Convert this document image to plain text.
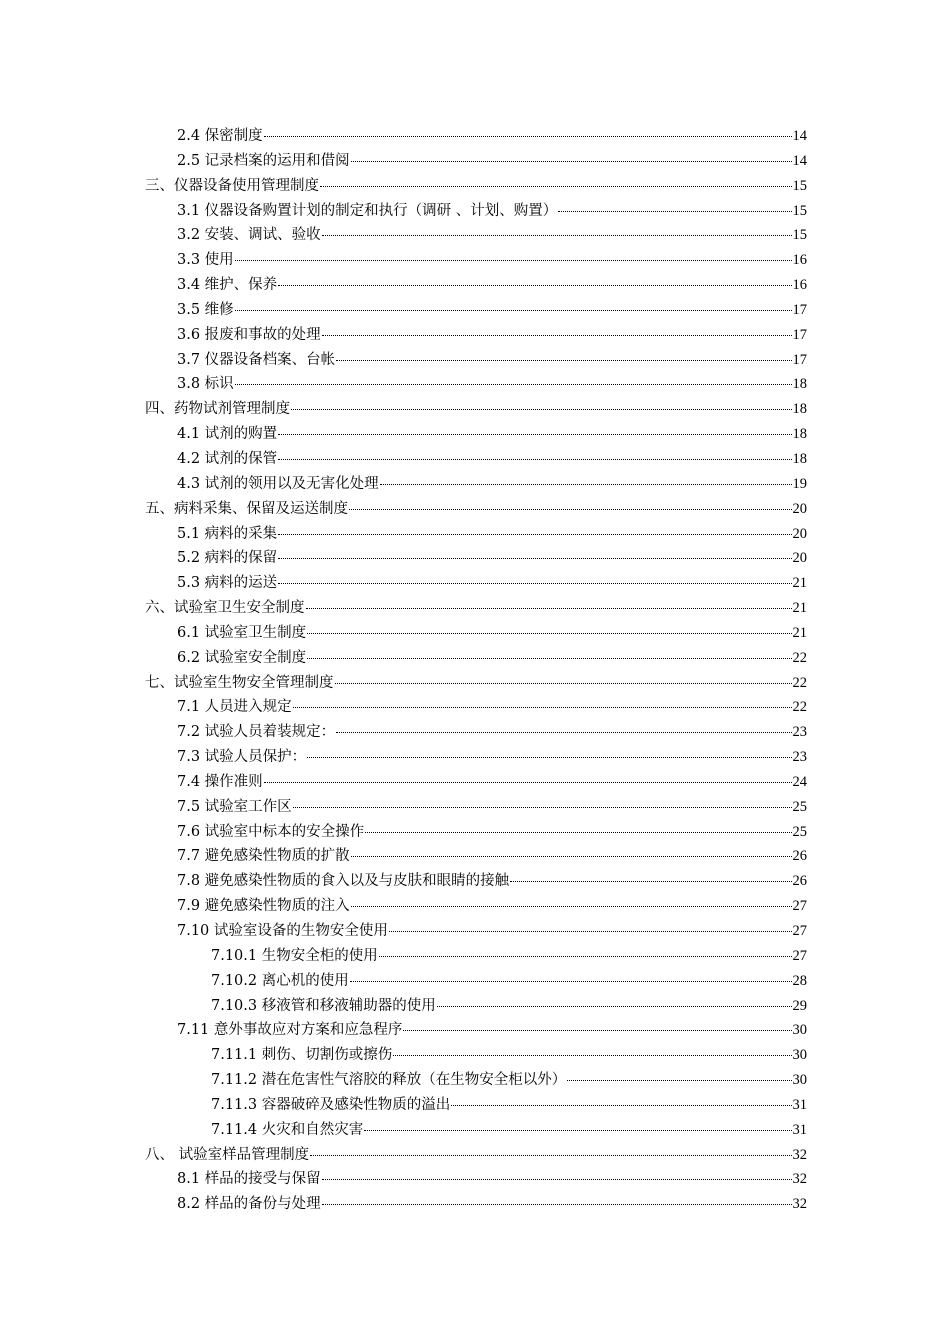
2.4 保密制度	14
2.5 记录档案的运用和借阅	14
三、仪器设备使用管理制度	15
3.1 仪器设备购置计划的制定和执行（调研 、计划、购置）	15
3.2 安装、调试、验收	15
3.3 使用	16
3.4 维护、保养	16
3.5 维修	17
3.6 报废和事故的处理	17
3.7 仪器设备档案、台帐	17
3.8 标识	18
四、药物试剂管理制度	18
4.1 试剂的购置	18
4.2 试剂的保管	18
4.3 试剂的领用以及无害化处理	19
五、病料采集、保留及运送制度	20
5.1 病料的采集	20
5.2 病料的保留	20
5.3 病料的运送	21
六、试验室卫生安全制度	21
6.1 试验室卫生制度	21
6.2 试验室安全制度	22
七、试验室生物安全管理制度	22
7.1 人员进入规定	22
7.2 试验人员着装规定：	23
7.3 试验人员保护：	23
7.4 操作准则	24
7.5 试验室工作区	25
7.6 试验室中标本的安全操作	25
7.7 避免感染性物质的扩散	26
7.8 避免感染性物质的食入以及与皮肤和眼睛的接触	26
7.9 避免感染性物质的注入	27
7.10 试验室设备的生物安全使用	27
7.10.1 生物安全柜的使用	27
7.10.2 离心机的使用	28
7.10.3 移液管和移液辅助器的使用	29
7.11 意外事故应对方案和应急程序	30
7.11.1 刺伤、切割伤或擦伤	30
7.11.2 潜在危害性气溶胶的释放（在生物安全柜以外）	30
7.11.3 容器破碎及感染性物质的溢出	31
7.11.4 火灾和自然灾害	31
八、 试验室样品管理制度	32
8.1 样品的接受与保留	32
8.2 样品的备份与处理	32
